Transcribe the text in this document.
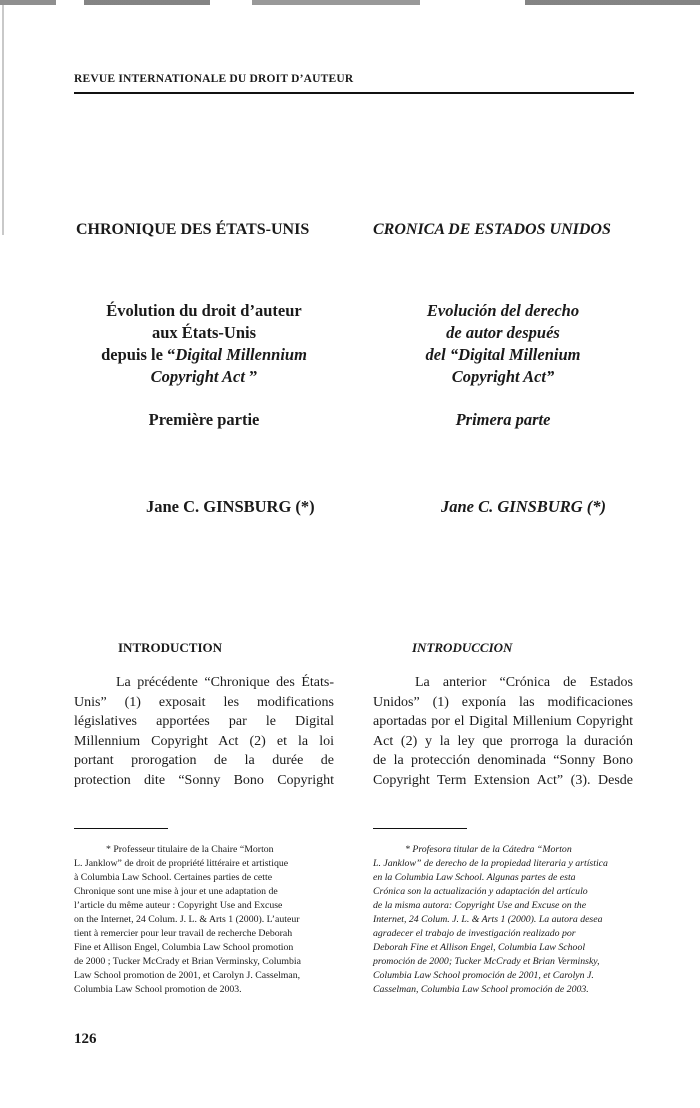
REVUE INTERNATIONALE DU DROIT D’AUTEUR
CHRONIQUE DES ÉTATS-UNIS	CRONICA DE ESTADOS UNIDOS
Évolution du droit d’auteur
aux États-Unis
depuis le “Digital Millennium
Copyright Act ”
Evolución del derecho
de autor después
del “Digital Millenium
Copyright Act”
Première partie	Primera parte
Jane C. GINSBURG (*)	Jane C. GINSBURG (*)
INTRODUCTION	INTRODUCCION
La précédente “Chronique des États-
Unis” (1) exposait les modifications
législatives apportées par le Digital
Millennium Copyright Act (2) et la loi
portant prorogation de la durée de
protection dite “Sonny Bono Copyright
La anterior “Crónica de Estados
Unidos” (1) exponía las modificaciones
aportadas por el Digital Millenium Copyright
Act (2) y la ley que prorroga la duración
de la protección denominada “Sonny Bono
Copyright Term Extension Act” (3). Desde
* Professeur titulaire de la Chaire “Morton
L. Janklow” de droit de propriété littéraire et artistique
à Columbia Law School. Certaines parties de cette
Chronique sont une mise à jour et une adaptation de
l’article du même auteur : Copyright Use and Excuse
on the Internet, 24 Colum. J. L. & Arts 1 (2000). L’auteur
tient à remercier pour leur travail de recherche Deborah
Fine et Allison Engel, Columbia Law School promotion
de 2000 ; Tucker McCrady et Brian Verminsky, Columbia
Law School promotion de 2001, et Carolyn J. Casselman,
Columbia Law School promotion de 2003.
* Profesora titular de la Cátedra “Morton
L. Janklow” de derecho de la propiedad literaria y artística
en la Columbia Law School. Algunas partes de esta
Crónica son la actualización y adaptación del artículo
de la misma autora: Copyright Use and Excuse on the
Internet, 24 Colum. J. L. & Arts 1 (2000). La autora desea
agradecer el trabajo de investigación realizado por
Deborah Fine et Allison Engel, Columbia Law School
promoción de 2000; Tucker McCrady et Brian Verminsky,
Columbia Law School promoción de 2001, et Carolyn J.
Casselman, Columbia Law School promoción de 2003.
126
